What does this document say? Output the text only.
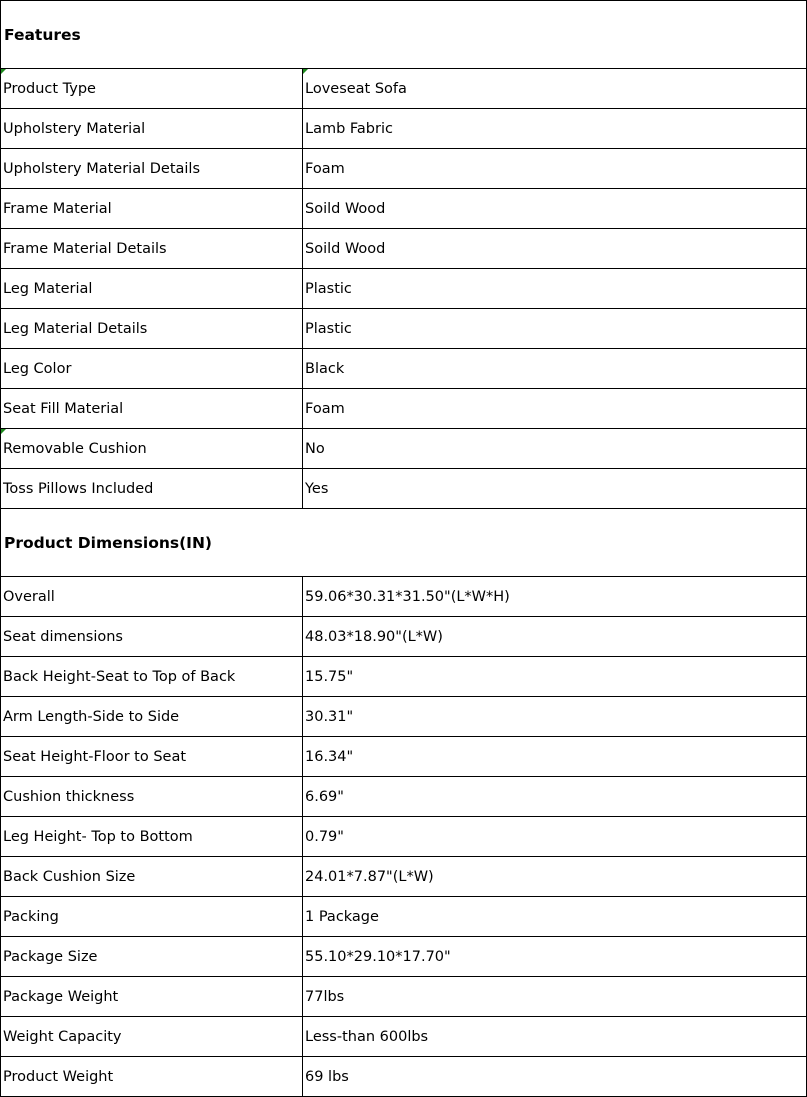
Features	

Product Type	Loveseat Sofa
Upholstery Material	Lamb Fabric
Upholstery Material Details	Foam
Frame Material	Soild Wood
Frame Material Details	Soild Wood
Leg Material	Plastic
Leg Material Details	Plastic
Leg Color	Black
Seat Fill Material	Foam

Removable Cushion	No
Toss Pillows Included	Yes
Product Dimensions(IN)	
Overall	59.06*30.31*31.50"(L*W*H)
Seat dimensions	48.03*18.90"(L*W)
Back Height-Seat to Top of Back	15.75"
Arm Length-Side to Side	30.31"
Seat Height-Floor to Seat	16.34"
Cushion thickness	6.69"
Leg Height- Top to Bottom	0.79"
Back Cushion Size	24.01*7.87"(L*W)
Packing	1 Package
Package Size	55.10*29.10*17.70"
Package Weight	77lbs
Weight Capacity	Less-than 600lbs
Product Weight	69 lbs
